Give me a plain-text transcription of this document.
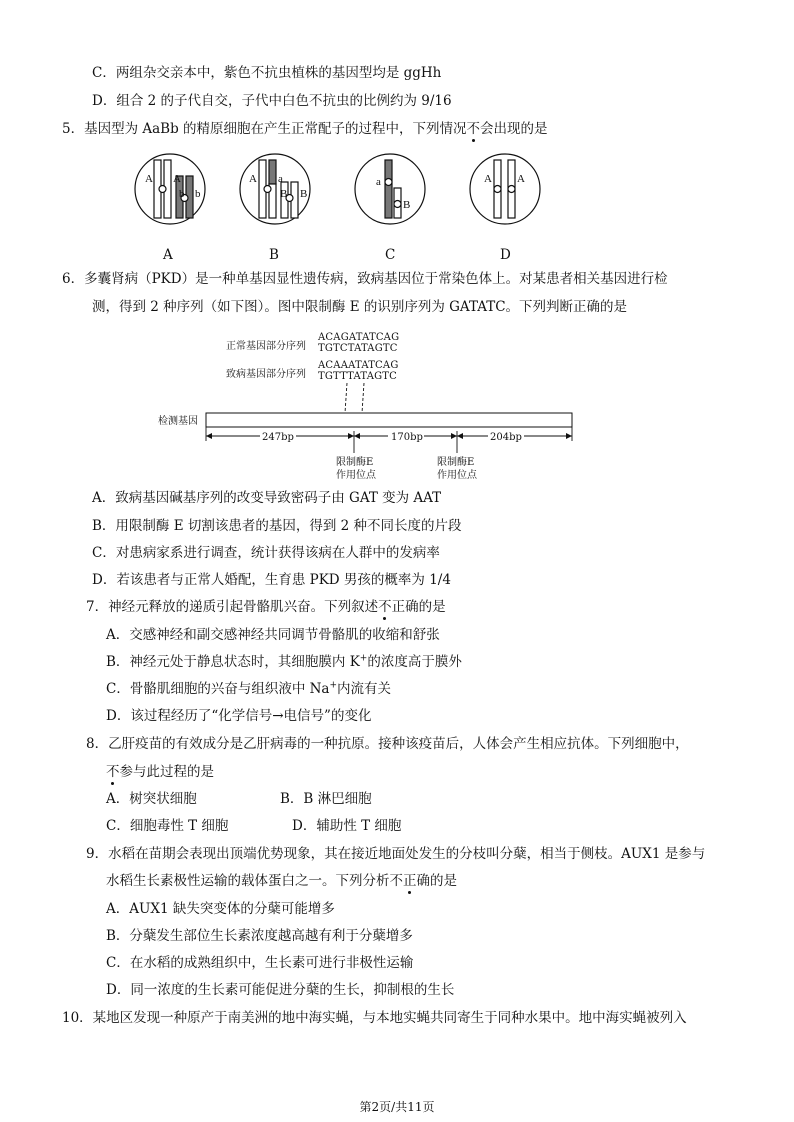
C．两组杂交亲本中，紫色不抗虫植株的基因型均是 ggHh
D．组合 2 的子代自交，子代中白色不抗虫的比例约为 9/16
5．基因型为 AaBb 的精原细胞在产生正常配子的过程中，下列情况不会出现的是
A A
b b
A a
B B
a
B
A A
A	B	C	D
6．多囊肾病（PKD）是一种单基因显性遗传病，致病基因位于常染色体上。对某患者相关基因进行检
测，得到 2 种序列（如下图）。图中限制酶 E 的识别序列为 GATATC。下列判断正确的是
正常基因部分序列
ACAGATATCAG
TGTCTATAGTC
致病基因部分序列
ACAAATATCAG
TGTTTATAGTC
检测基因
247bp	170bp	204bp
限制酶E
作用位点
限制酶E
作用位点
A．致病基因碱基序列的改变导致密码子由 GAT 变为 AAT
B．用限制酶 E 切割该患者的基因，得到 2 种不同长度的片段
C．对患病家系进行调查，统计获得该病在人群中的发病率
D．若该患者与正常人婚配，生育患 PKD 男孩的概率为 1/4
7．神经元释放的递质引起骨骼肌兴奋。下列叙述不正确的是
A．交感神经和副交感神经共同调节骨骼肌的收缩和舒张
B．神经元处于静息状态时，其细胞膜内 K+的浓度高于膜外
C．骨骼肌细胞的兴奋与组织液中 Na+内流有关
D．该过程经历了“化学信号→电信号”的变化
8．乙肝疫苗的有效成分是乙肝病毒的一种抗原。接种该疫苗后，人体会产生相应抗体。下列细胞中，
不参与此过程的是
A．树突状细胞	B．B 淋巴细胞
C．细胞毒性 T 细胞	D．辅助性 T 细胞
9．水稻在苗期会表现出顶端优势现象，其在接近地面处发生的分枝叫分蘖，相当于侧枝。AUX1 是参与
水稻生长素极性运输的载体蛋白之一。下列分析不正确的是
A．AUX1 缺失突变体的分蘖可能增多
B．分蘖发生部位生长素浓度越高越有利于分蘖增多
C．在水稻的成熟组织中，生长素可进行非极性运输
D．同一浓度的生长素可能促进分蘖的生长，抑制根的生长
10．某地区发现一种原产于南美洲的地中海实蝇，与本地实蝇共同寄生于同种水果中。地中海实蝇被列入
第2页/共11页
